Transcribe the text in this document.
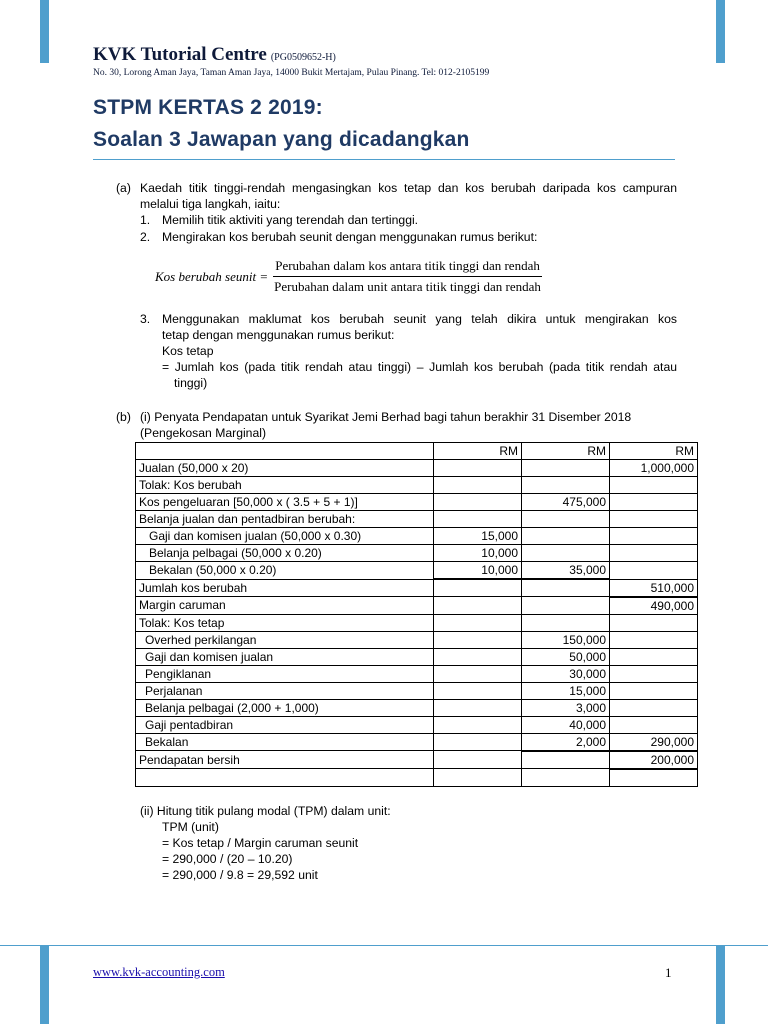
KVK Tutorial Centre (PG0509652-H)
No. 30, Lorong Aman Jaya, Taman Aman Jaya, 14000 Bukit Mertajam, Pulau Pinang. Tel: 012-2105199
STPM KERTAS 2 2019:
Soalan 3 Jawapan yang dicadangkan
(a) Kaedah titik tinggi-rendah mengasingkan kos tetap dan kos berubah daripada kos campuran
melalui tiga langkah, iaitu:
1. Memilih titik aktiviti yang terendah dan tertinggi.
2. Mengirakan kos berubah seunit dengan menggunakan rumus berikut:
Kos berubah seunit = $\frac{\text{Perubahan dalam kos antara titik tinggi dan rendah}}{\text{Perubahan dalam unit antara titik tinggi dan rendah}}$
3. Menggunakan maklumat kos berubah seunit yang telah dikira untuk mengirakan kos
tetap dengan menggunakan rumus berikut:
Kos tetap
= Jumlah kos (pada titik rendah atau tinggi) – Jumlah kos berubah (pada titik rendah atau
tinggi)
(b) (i) Penyata Pendapatan untuk Syarikat Jemi Berhad bagi tahun berakhir 31 Disember 2018
(Pengekosan Marginal)
	RM	RM	RM
Jualan (50,000 x 20)			1,000,000
Tolak: Kos berubah			
Kos pengeluaran [50,000 x ( 3.5 + 5 + 1)]		475,000	
Belanja jualan dan pentadbiran berubah:			
Gaji dan komisen jualan (50,000 x 0.30)	15,000		
Belanja pelbagai (50,000 x 0.20)	10,000		
Bekalan (50,000 x 0.20)	10,000	35,000	
Jumlah kos berubah			510,000
Margin caruman			490,000
Tolak: Kos tetap			
Overhed perkilangan		150,000	
Gaji dan komisen jualan		50,000	
Pengiklanan		30,000	
Perjalanan		15,000	
Belanja pelbagai (2,000 + 1,000)		3,000	
Gaji pentadbiran		40,000	
Bekalan		2,000	290,000
Pendapatan bersih			200,000

(ii) Hitung titik pulang modal (TPM) dalam unit:
TPM (unit)
= Kos tetap / Margin caruman seunit
= 290,000 / (20 – 10.20)
= 290,000 / 9.8 = 29,592 unit
www.kvk-accounting.com	1
